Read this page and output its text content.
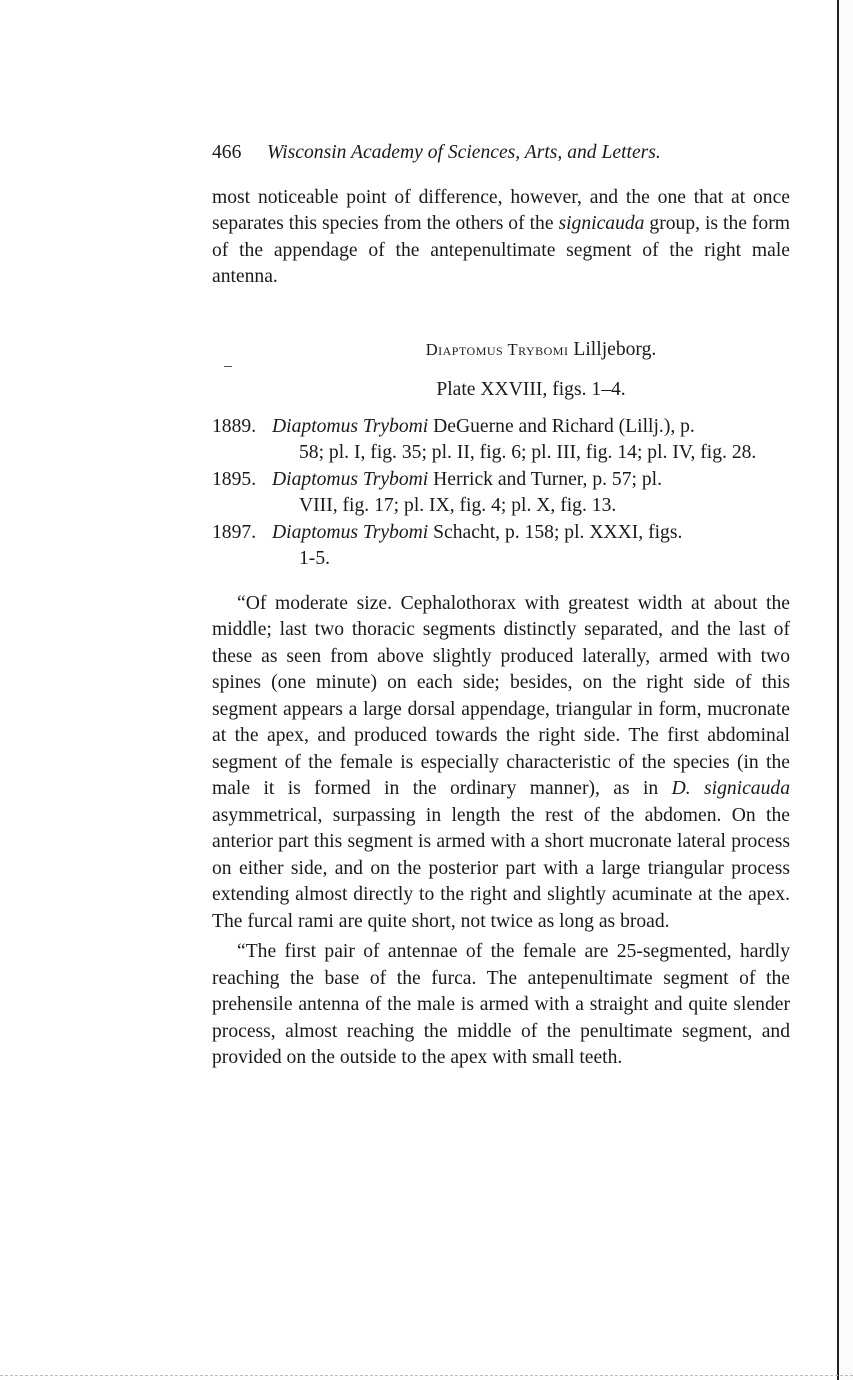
466	Wisconsin Academy of Sciences, Arts, and Letters.

most noticeable point of difference, however, and the one that at once separates this species from the others of the signicauda group, is the form of the appendage of the antepenultimate segment of the right male antenna.

Diaptomus Trybomi Lilljeborg.
Plate XXVIII, figs. 1–4.
1889. Diaptomus Trybomi DeGuerne and Richard (Lillj.), p.
58; pl. I, fig. 35; pl. II, fig. 6; pl. III, fig. 14; pl. IV, fig. 28.
1895. Diaptomus Trybomi Herrick and Turner, p. 57; pl.
VIII, fig. 17; pl. IX, fig. 4; pl. X, fig. 13.
1897. Diaptomus Trybomi Schacht, p. 158; pl. XXXI, figs.
1-5.

“Of moderate size. Cephalothorax with greatest width at about the middle; last two thoracic segments distinctly separated, and the last of these as seen from above slightly produced laterally, armed with two spines (one minute) on each side; besides, on the right side of this segment appears a large dorsal appendage, triangular in form, mucronate at the apex, and produced towards the right side. The first abdominal segment of the female is especially characteristic of the species (in the male it is formed in the ordinary manner), as in D. signicauda asymmetrical, surpassing in length the rest of the abdomen. On the anterior part this segment is armed with a short mucronate lateral process on either side, and on the posterior part with a large triangular process extending almost directly to the right and slightly acuminate at the apex. The furcal rami are quite short, not twice as long as broad.

“The first pair of antennae of the female are 25-segmented, hardly reaching the base of the furca. The antepenultimate segment of the prehensile antenna of the male is armed with a straight and quite slender process, almost reaching the middle of the penultimate segment, and provided on the outside to the apex with small teeth.
